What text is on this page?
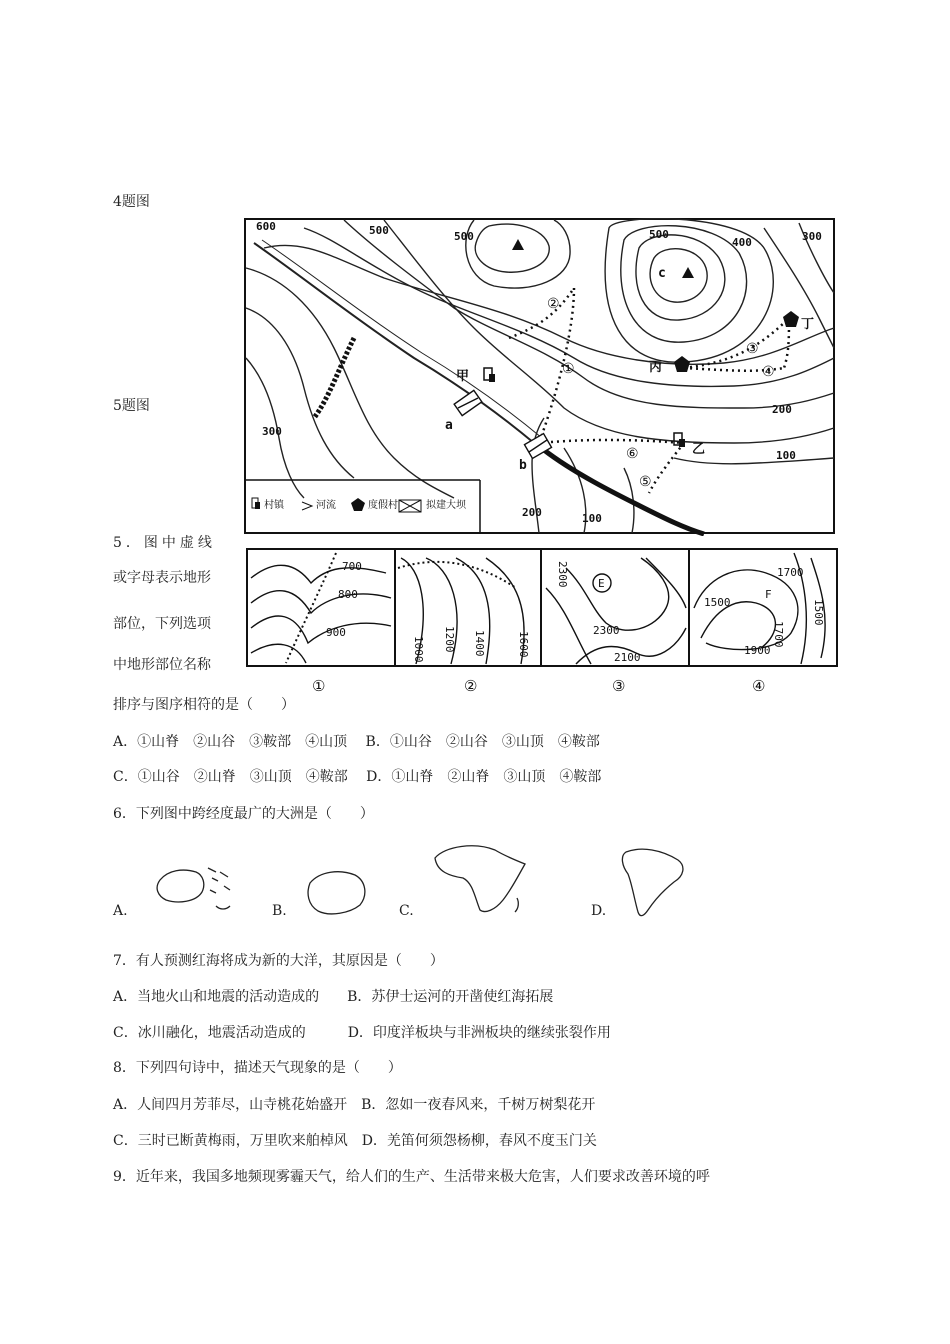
4题图
5题图
600	500	500	500
400	300
300
200
200
100
100
c
a
b
甲
乙
丙
丁
①
②
③
④
⑤
⑥
村镇	河流	度假村	拟建大坝
5．图中虚线
或字母表示地形
部位，下列选项
中地形部位名称
排序与图序相符的是（　　）
700
800
900
1000 1200 1400	1600
2300	E
2300
2100
1700
1500
F
1700
1500
1900
①	②	③	④
A．①山脊　②山谷　③鞍部　④山顶　 B．①山谷　②山谷　③山顶　④鞍部
C．①山谷　②山脊　③山顶　④鞍部　 D．①山脊　②山脊　③山顶　④鞍部
6．下列图中跨经度最广的大洲是（　　）
A.	B.	C.	D.
7．有人预测红海将成为新的大洋，其原因是（　　）
A．当地火山和地震的活动造成的　　B．苏伊士运河的开凿使红海拓展
C．冰川融化，地震活动造成的　　　D．印度洋板块与非洲板块的继续张裂作用
8．下列四句诗中，描述天气现象的是（　　）
A．人间四月芳菲尽，山寺桃花始盛开　B．忽如一夜春风来，千树万树梨花开
C．三时已断黄梅雨，万里吹来舶棹风　D．羌笛何须怨杨柳，春风不度玉门关
9．近年来，我国多地频现雾霾天气，给人们的生产、生活带来极大危害，人们要求改善环境的呼
